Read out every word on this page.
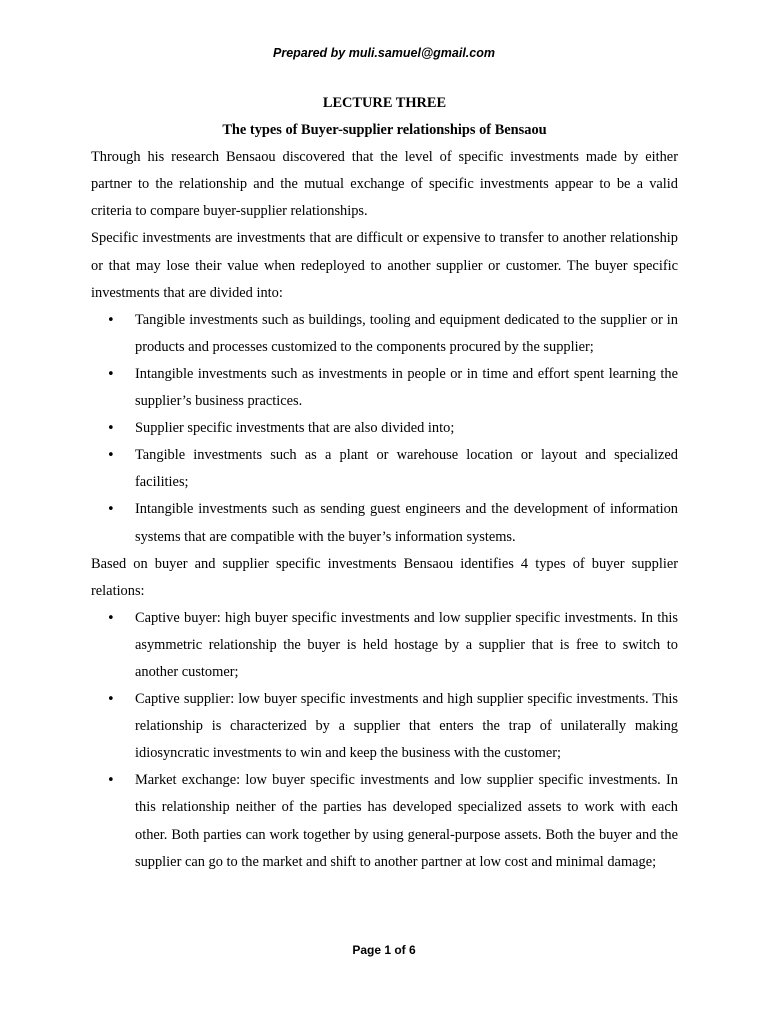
Prepared by muli.samuel@gmail.com
LECTURE THREE
The types of Buyer-supplier relationships of Bensaou

Through his research Bensaou discovered that the level of specific investments made by either partner to the relationship and the mutual exchange of specific investments appear to be a valid criteria to compare buyer-supplier relationships.

Specific investments are investments that are difficult or expensive to transfer to another relationship or that may lose their value when redeployed to another supplier or customer. The buyer specific investments that are divided into:

• Tangible investments such as buildings, tooling and equipment dedicated to the supplier or in products and processes customized to the components procured by the supplier;
• Intangible investments such as investments in people or in time and effort spent learning the supplier’s business practices.
• Supplier specific investments that are also divided into;
• Tangible investments such as a plant or warehouse location or layout and specialized facilities;
• Intangible investments such as sending guest engineers and the development of information systems that are compatible with the buyer’s information systems.

Based on buyer and supplier specific investments Bensaou identifies 4 types of buyer supplier relations:

• Captive buyer: high buyer specific investments and low supplier specific investments. In this asymmetric relationship the buyer is held hostage by a supplier that is free to switch to another customer;
• Captive supplier: low buyer specific investments and high supplier specific investments. This relationship is characterized by a supplier that enters the trap of unilaterally making idiosyncratic investments to win and keep the business with the customer;
• Market exchange: low buyer specific investments and low supplier specific investments. In this relationship neither of the parties has developed specialized assets to work with each other. Both parties can work together by using general-purpose assets. Both the buyer and the supplier can go to the market and shift to another partner at low cost and minimal damage;
Page 1 of 6
